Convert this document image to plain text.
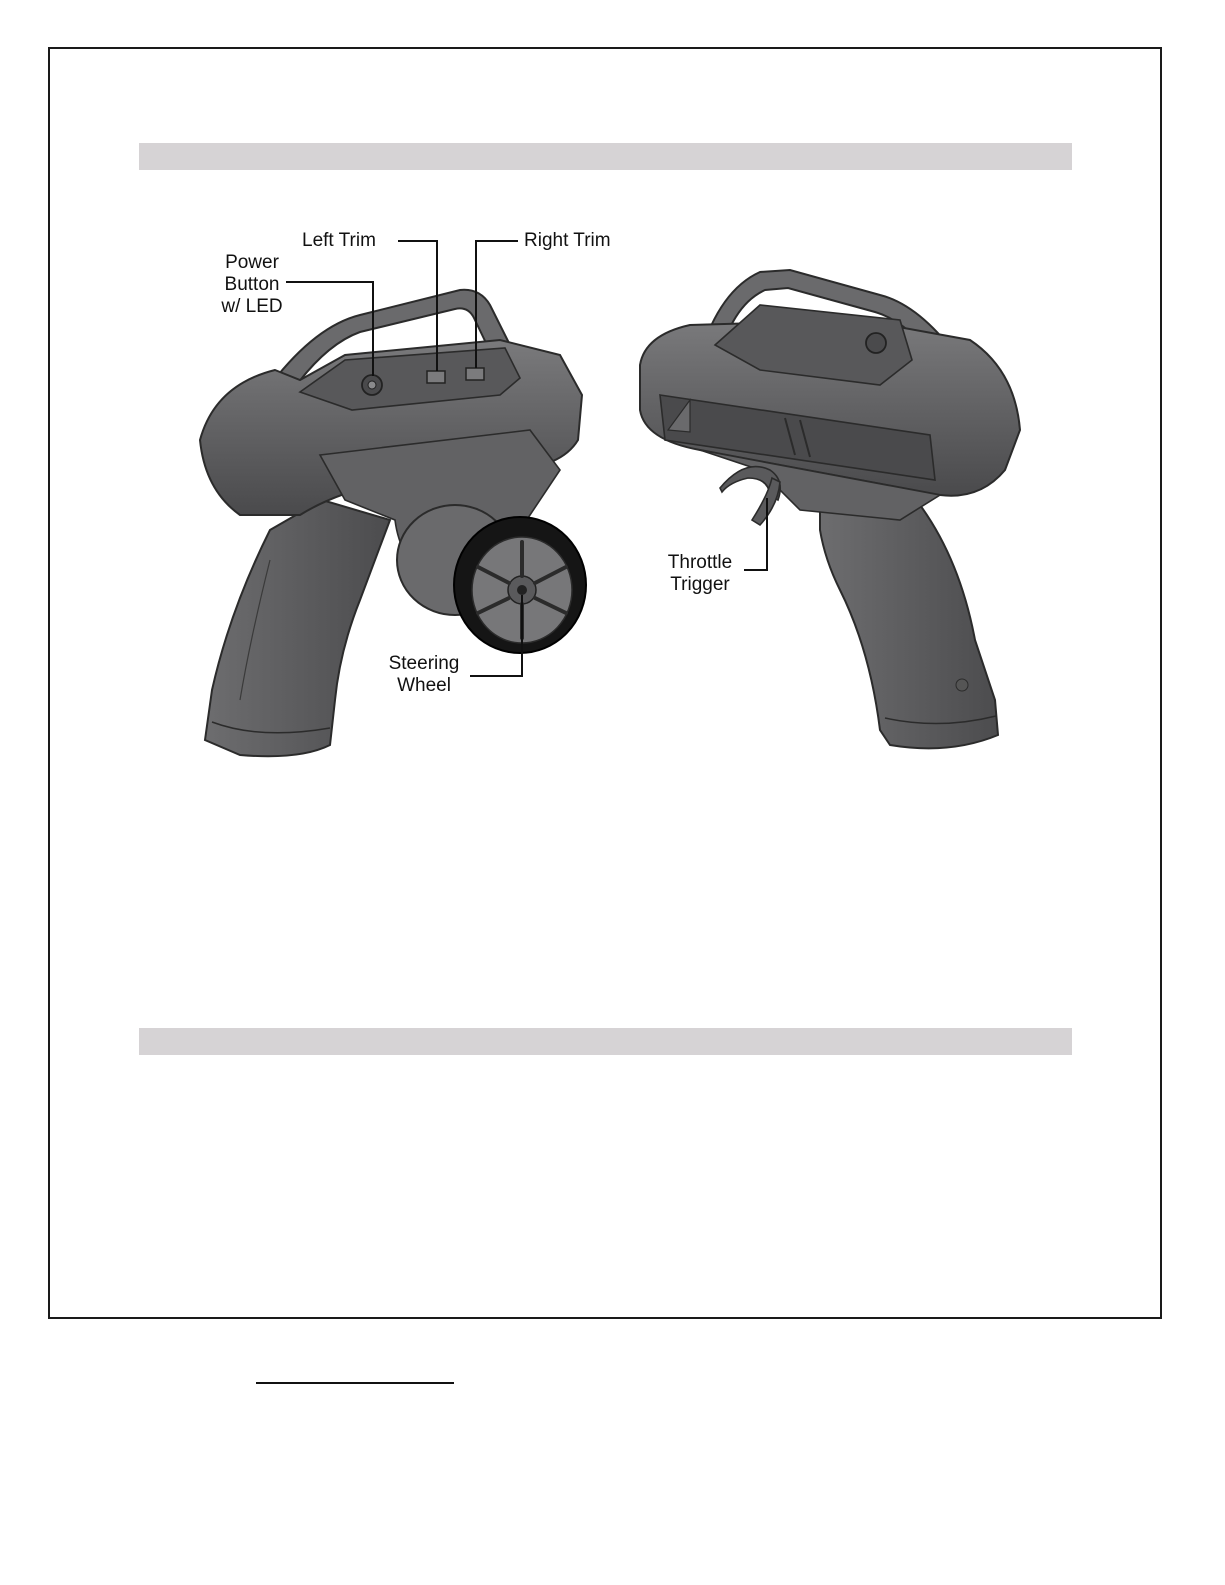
Power
Button
w/ LED
Left Trim	Right Trim
Steering
Wheel
Throttle
Trigger
